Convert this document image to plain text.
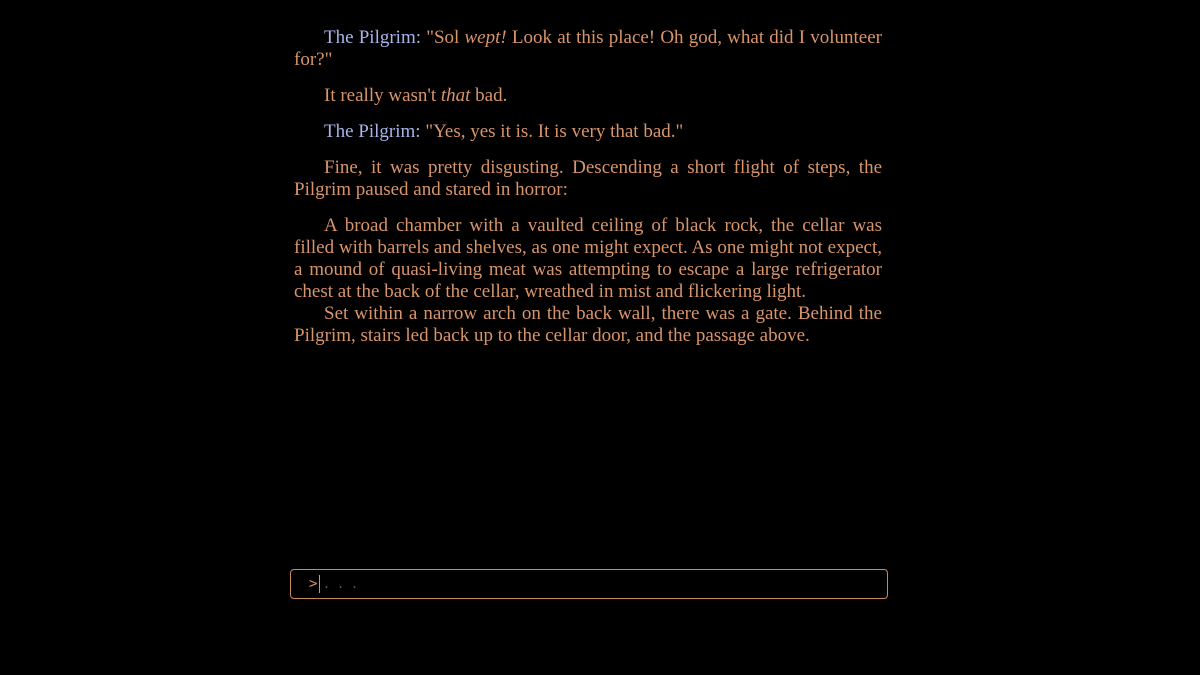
The Pilgrim: "Sol wept! Look at this place! Oh god, what did I volunteer for?"

It really wasn't that bad.

The Pilgrim: "Yes, yes it is. It is very that bad."

Fine, it was pretty disgusting. Descending a short flight of steps, the Pilgrim paused and stared in horror:

A broad chamber with a vaulted ceiling of black rock, the cellar was filled with barrels and shelves, as one might expect. As one might not expect, a mound of quasi-living meat was attempting to escape a large refrigerator chest at the back of the cellar, wreathed in mist and flickering light.

Set within a narrow arch on the back wall, there was a gate. Behind the Pilgrim, stairs led back up to the cellar door, and the passage above.

>
. . .
